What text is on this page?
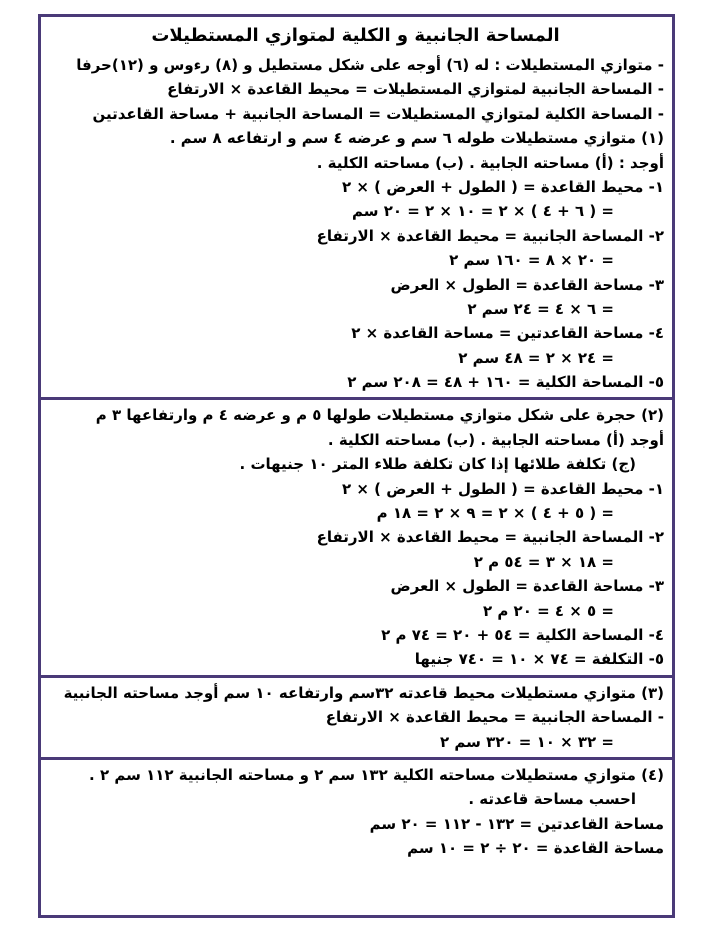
المساحة الجانبية و الكلية لمتوازي المستطيلات
- متوازي المستطيلات : له (٦) أوجه على شكل مستطيل و (٨) رءوس و (١٢)حرفا
- المساحة الجانبية لمتوازي المستطيلات = محيط القاعدة × الارتفاع
- المساحة الكلية لمتوازي المستطيلات = المساحة الجانبية + مساحة القاعدتين
(١) متوازي مستطيلات طوله ٦ سم و عرضه ٤ سم و ارتفاعه ٨ سم .
أوجد : (أ) مساحته الجابية . (ب) مساحته الكلية .
١- محيط القاعدة = ( الطول + العرض ) × ٢
= ( ٦ + ٤ ) × ٢ = ١٠ × ٢ = ٢٠ سم
٢- المساحة الجانبية = محيط القاعدة × الارتفاع
= ٢٠ × ٨ = ١٦٠ سم ٢
٣- مساحة القاعدة = الطول × العرض
= ٦ × ٤ = ٢٤ سم ٢
٤- مساحة القاعدتين = مساحة القاعدة × ٢
= ٢٤ × ٢ = ٤٨ سم ٢
٥- المساحة الكلية = ١٦٠ + ٤٨ = ٢٠٨ سم ٢
(٢) حجرة على شكل متوازي مستطيلات طولها ٥ م و عرضه ٤ م وارتفاعها ٣ م
أوجد (أ) مساحته الجابية . (ب) مساحته الكلية .
(ج) تكلفة طلائها إذا كان تكلفة طلاء المتر ١٠ جنيهات .
١- محيط القاعدة = ( الطول + العرض ) × ٢
= ( ٥ + ٤ ) × ٢ = ٩ × ٢ = ١٨ م
٢- المساحة الجانبية = محيط القاعدة × الارتفاع
= ١٨ × ٣ = ٥٤ م ٢
٣- مساحة القاعدة = الطول × العرض
= ٥ × ٤ = ٢٠ م ٢
٤- المساحة الكلية = ٥٤ + ٢٠ = ٧٤ م ٢
٥- التكلفة = ٧٤ × ١٠ = ٧٤٠ جنيها
(٣) متوازي مستطيلات محيط قاعدته ٣٢سم وارتفاعه ١٠ سم أوجد مساحته الجانبية
- المساحة الجانبية = محيط القاعدة × الارتفاع
= ٣٢ × ١٠ = ٣٢٠ سم ٢
(٤) متوازي مستطيلات مساحته الكلية ١٣٢ سم ٢ و مساحته الجانبية ١١٢ سم ٢ .
احسب مساحة قاعدته .
مساحة القاعدتين = ١٣٢ - ١١٢ = ٢٠ سم
مساحة القاعدة = ٢٠ ÷ ٢ = ١٠ سم
